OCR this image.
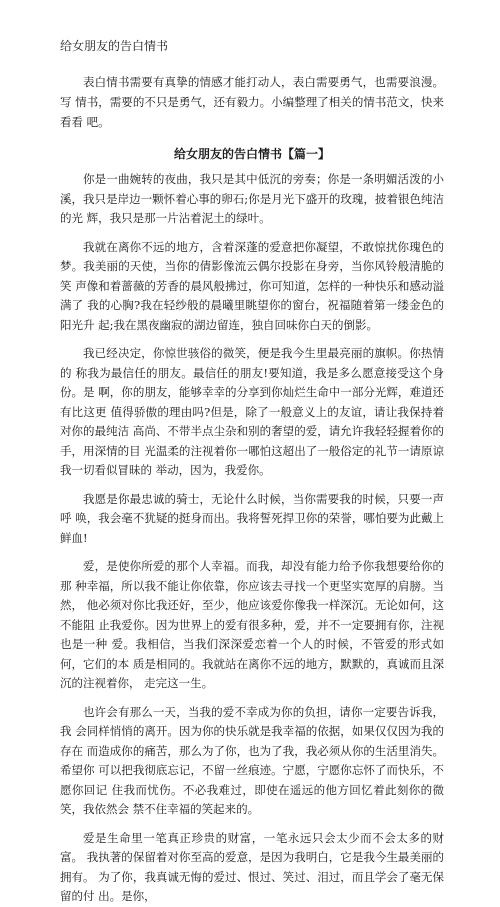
给女朋友的告白情书

表白情书需要有真挚的情感才能打动人，表白需要勇气，也需要浪漫。写 情书，需要的不只是勇气，还有毅力。小编整理了相关的情书范文，快来看看 吧。

给女朋友的告白情书【篇一】

你是一曲婉转的夜曲，我只是其中低沉的旁奏；你是一条明媚活泼的小溪，我只是岸边一颗怀着心事的卵石;你是月光下盛开的玫瑰，披着银色纯洁的光 辉，我只是那一片沾着泥土的绿叶。

我就在离你不远的地方，含着深蓬的爱意把你凝望，不敢惊扰你瑰色的 梦。我美丽的天使，当你的倩影像流云偶尔投影在身旁，当你风铃般清脆的笑 声像和着蔷薇的芳香的晨风般拂过，你可知道，怎样的一种快乐和感动溢满了 我的心胸?我在轻纱般的晨曦里眺望你的窗台，祝福随着第一缕金色的阳光升 起;我在黑夜幽寂的湖边留连，独自回味你白天的倒影。

我已经决定，你惊世骇俗的微笑，便是我今生里最亮丽的旗帜。你热情的 称我为最信任的朋友。最信任的朋友!要知道，我是多么愿意接受这个身份。是 啊，你的朋友，能够幸幸的分享到你灿烂生命中一部分光辉，难道还有比这更 值得骄傲的理由吗?但是，除了一般意义上的友谊，请让我保持着对你的最纯洁 高尚、不带半点尘杂和别的奢望的爱，请允许我轻轻握着你的手，用深情的目 光温柔的注视着你一哪怕这超出了一般俗定的礼节一请原谅我一切看似冒昧的 举动，因为，我爱你。

我愿是你最忠诚的骑士，无论什么时候，当你需要我的时候，只要一声呼 唤，我会毫不犹疑的挺身而出。我将誓死捍卫你的荣誉，哪怕要为此戴上鲜血!

爱，是使你所爱的那个人幸福。而我，却没有能力给予你我想要给你的那 种幸福，所以我不能让你依靠，你应该去寻找一个更坚实宽厚的肩膀。当然， 他必须对你比我还好，至少，他应该爱你像我一样深沉。无论如何，这不能阻 止我爱你。因为世界上的爱有很多种，爱，并不一定要拥有你，注视也是一种 爱。我相信，当我们深深爱恋着一个人的时候，不管爱的形式如何，它们的本 质是相同的。我就站在离你不远的地方，默默的，真诚而且深沉的注视着你， 走完这一生。

也许会有那么一天，当我的爱不幸成为你的负担，请你一定要告诉我，我 会同样悄悄的离开。因为你的快乐就是我幸福的依据，如果仅仅因为我的存在 而造成你的痛苦，那么为了你，也为了我，我必须从你的生活里消失。希望你 可以把我彻底忘记，不留一丝痕迹。宁愿，宁愿你忘怀了而快乐，不愿你回记 住我而忧伤。不必我难过，即使在遥远的他方回忆着此刻你的微笑，我依然会 禁不住幸福的笑起来的。

爱是生命里一笔真正珍贵的财富，一笔永远只会太少而不会太多的财富。 我执著的保留着对你至高的爱意，是因为我明白，它是我今生最美丽的拥有。 为了你，我真诚无悔的爱过、恨过、笑过、泪过，而且学会了毫无保留的付 出。是你，
